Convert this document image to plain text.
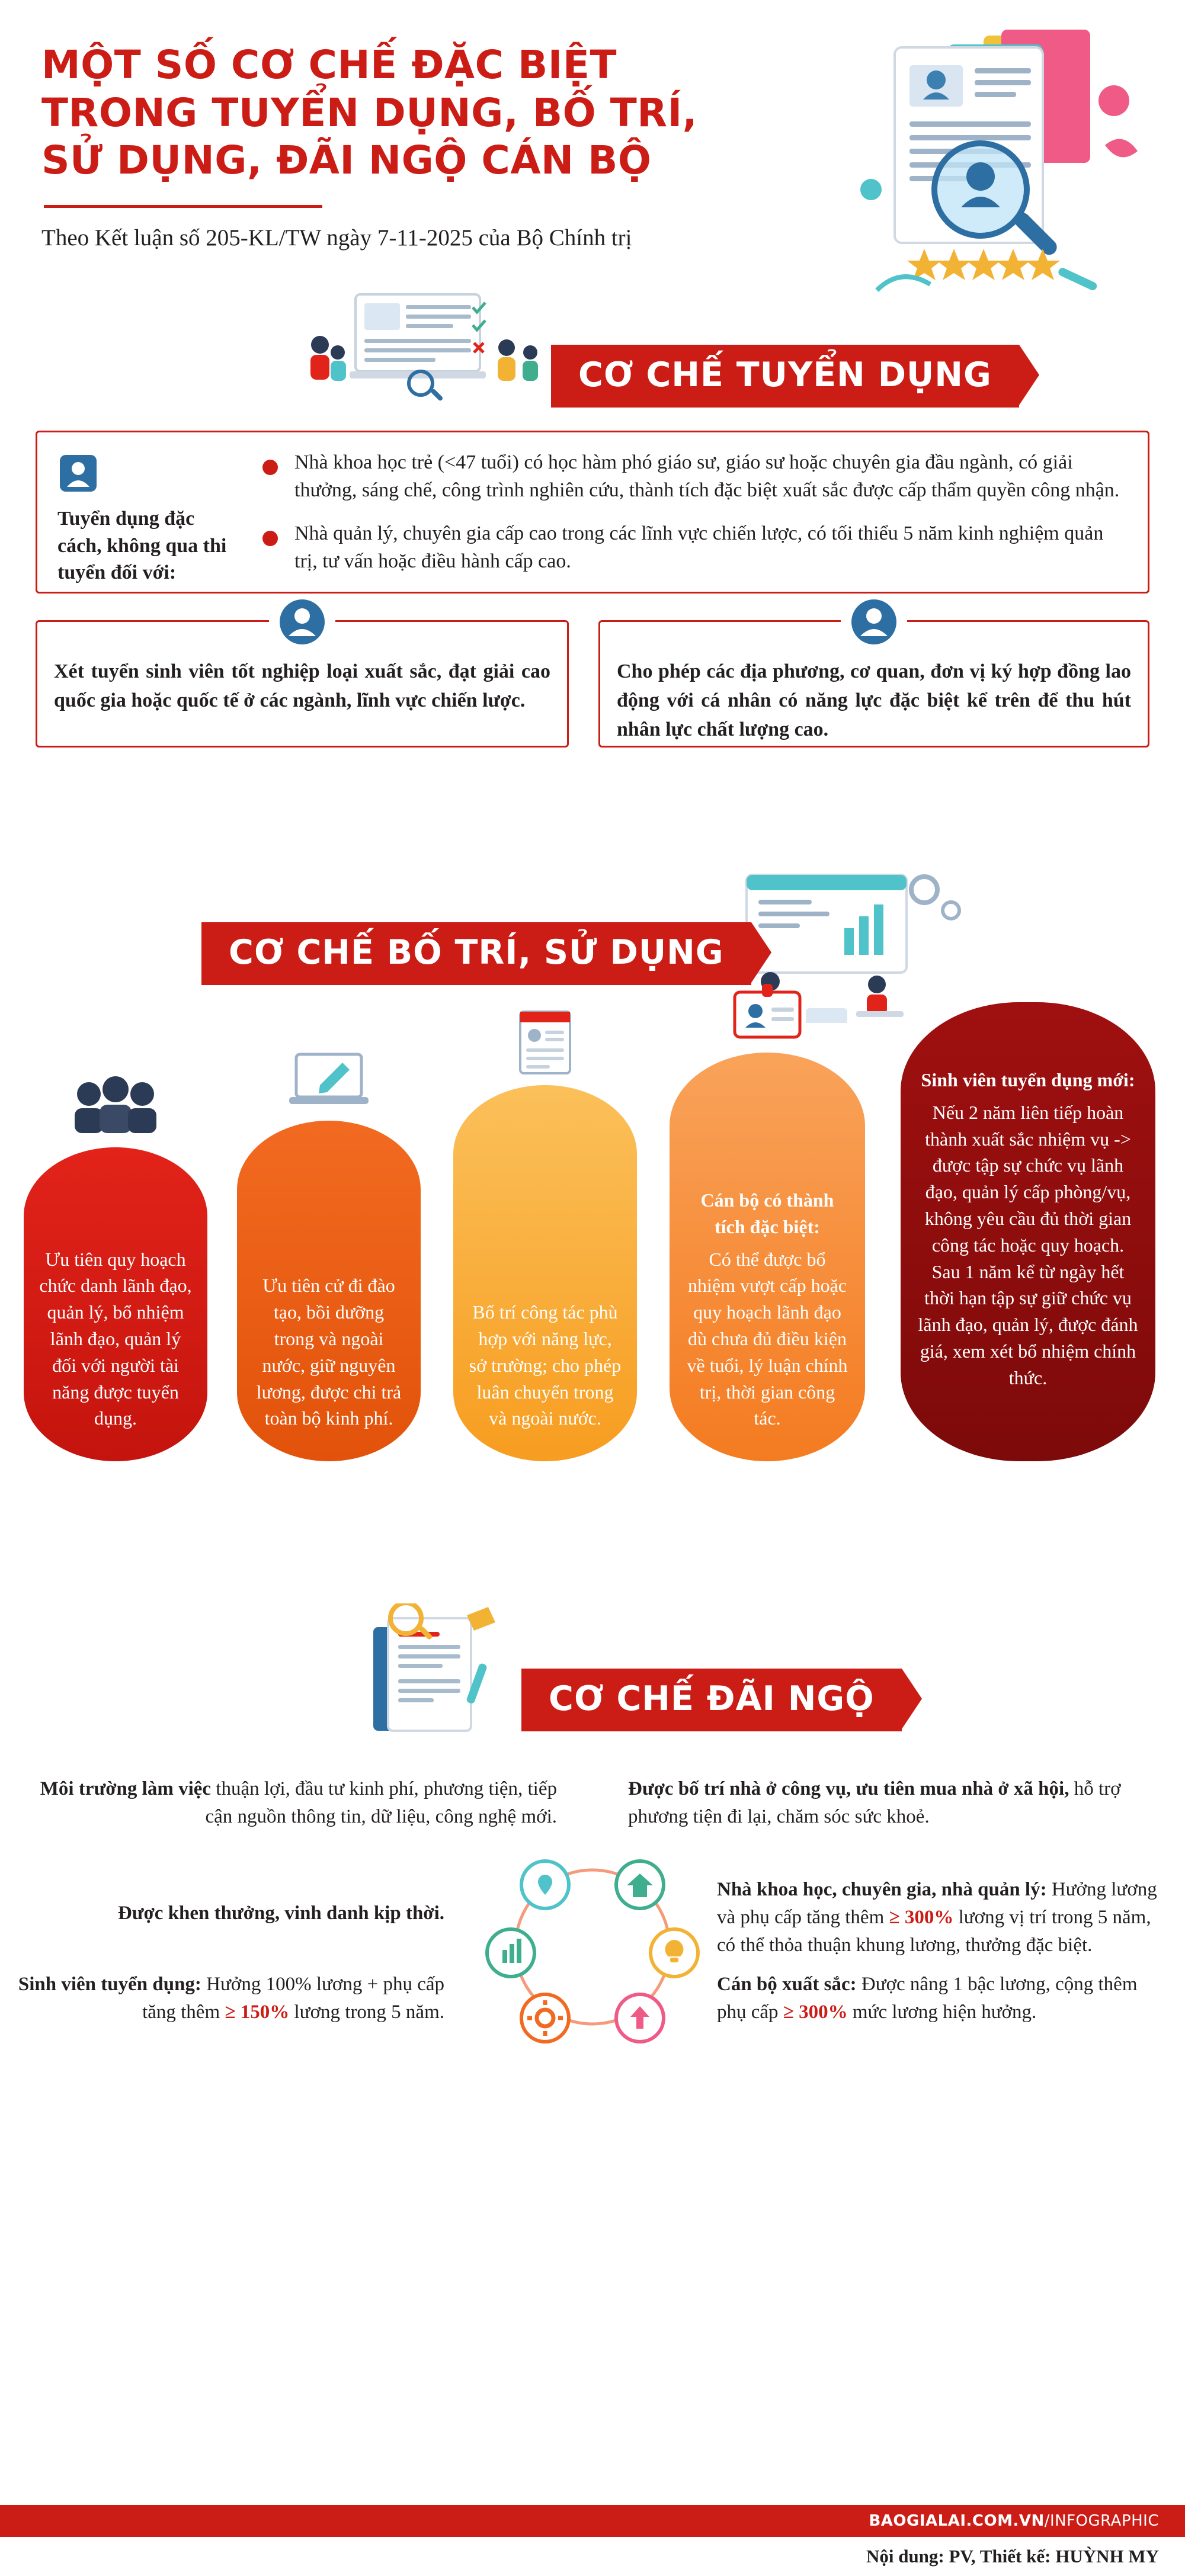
MỘT SỐ CƠ CHẾ ĐẶC BIỆT
TRONG TUYỂN DỤNG, BỐ TRÍ,
SỬ DỤNG, ĐÃI NGỘ CÁN BỘ
Theo Kết luận số 205-KL/TW ngày 7-11-2025 của Bộ Chính trị
CƠ CHẾ TUYỂN DỤNG
Tuyển dụng đặc cách, không qua thi tuyển đối với:
Nhà khoa học trẻ (<47 tuổi) có học hàm phó giáo sư, giáo sư hoặc chuyên gia đầu ngành, có giải thưởng, sáng chế, công trình nghiên cứu, thành tích đặc biệt xuất sắc được cấp thẩm quyền công nhận.
Nhà quản lý, chuyên gia cấp cao trong các lĩnh vực chiến lược, có tối thiểu 5 năm kinh nghiệm quản trị, tư vấn hoặc điều hành cấp cao.
Xét tuyển sinh viên tốt nghiệp loại xuất sắc, đạt giải cao quốc gia hoặc quốc tế ở các ngành, lĩnh vực chiến lược.
Cho phép các địa phương, cơ quan, đơn vị ký hợp đồng lao động với cá nhân có năng lực đặc biệt kể trên để thu hút nhân lực chất lượng cao.
CƠ CHẾ BỐ TRÍ, SỬ DỤNG

Ưu tiên quy hoạch chức danh lãnh đạo, quản lý, bổ nhiệm lãnh đạo, quản lý đối với người tài năng được tuyển dụng.

Ưu tiên cử đi đào tạo, bồi dưỡng trong và ngoài nước, giữ nguyên lương, được chi trả toàn bộ kinh phí.

Bố trí công tác phù hợp với năng lực, sở trường; cho phép luân chuyển trong và ngoài nước.

Cán bộ có thành tích đặc biệt:

Có thể được bổ nhiệm vượt cấp hoặc quy hoạch lãnh đạo dù chưa đủ điều kiện về tuổi, lý luận chính trị, thời gian công tác.

Sinh viên tuyển dụng mới:

Nếu 2 năm liên tiếp hoàn thành xuất sắc nhiệm vụ -> được tập sự chức vụ lãnh đạo, quản lý cấp phòng/vụ, không yêu cầu đủ thời gian công tác hoặc quy hoạch. Sau 1 năm kể từ ngày hết thời hạn tập sự giữ chức vụ lãnh đạo, quản lý, được đánh giá, xem xét bổ nhiệm chính thức.

CƠ CHẾ ĐÃI NGỘ
Môi trường làm việc thuận lợi, đầu tư kinh phí, phương tiện, tiếp cận nguồn thông tin, dữ liệu, công nghệ mới.
Được bố trí nhà ở công vụ, ưu tiên mua nhà ở xã hội, hỗ trợ phương tiện đi lại, chăm sóc sức khoẻ.
Được khen thưởng, vinh danh kịp thời.
Nhà khoa học, chuyên gia, nhà quản lý: Hưởng lương và phụ cấp tăng thêm ≥ 300% lương vị trí trong 5 năm, có thể thỏa thuận khung lương, thưởng đặc biệt.
Sinh viên tuyển dụng: Hưởng 100% lương + phụ cấp tăng thêm ≥ 150% lương trong 5 năm.
Cán bộ xuất sắc: Được nâng 1 bậc lương, cộng thêm phụ cấp ≥ 300% mức lương hiện hưởng.
BAOGIALAI.COM.VN /INFOGRAPHIC
Nội dung: PV, Thiết kế: HUỲNH MY
